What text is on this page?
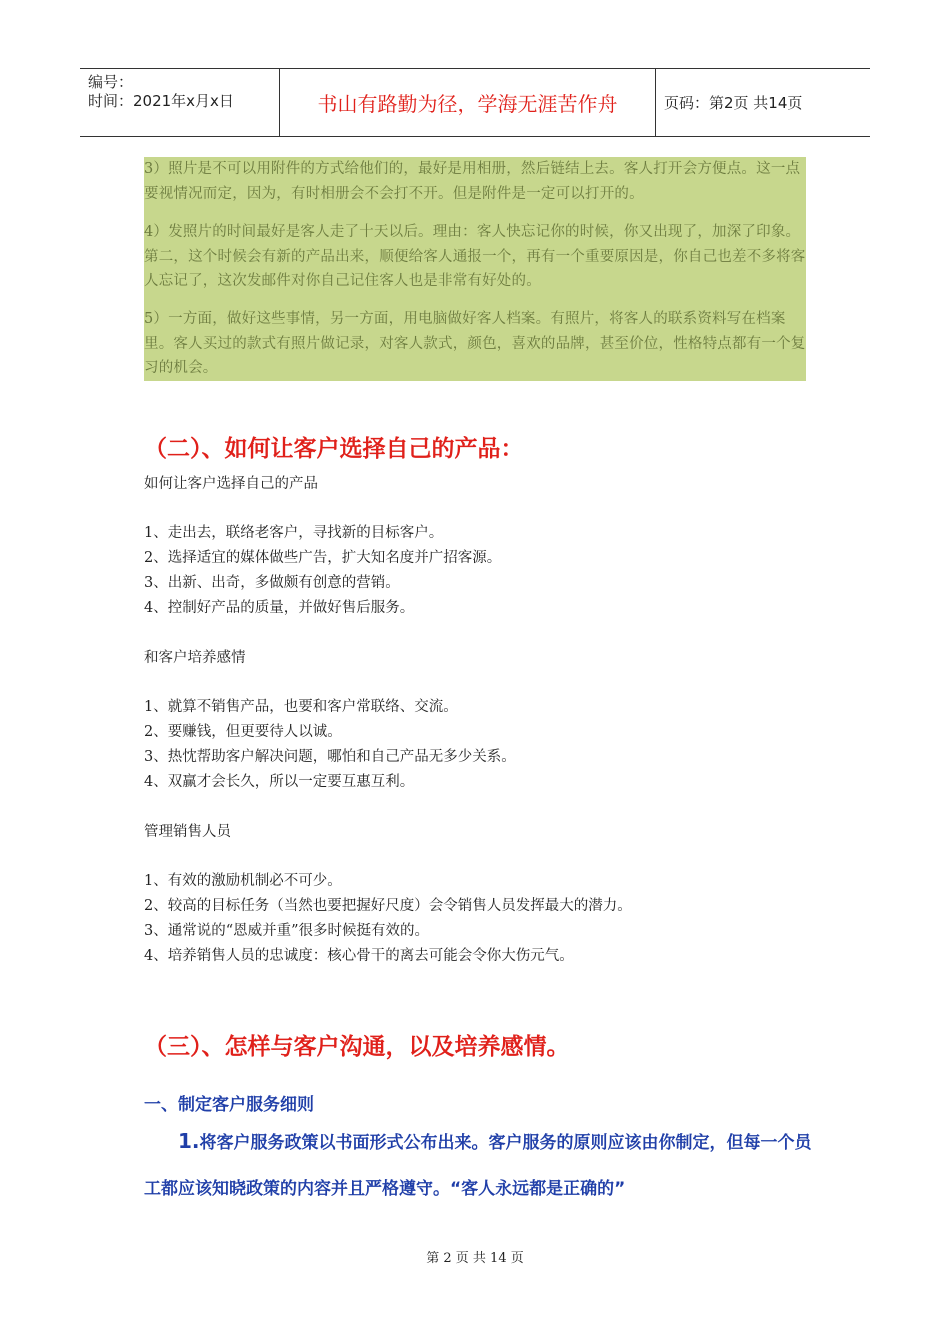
编号：
时间：2021年x月x日	书山有路勤为径，学海无涯苦作舟	页码：第2页 共14页
3）照片是不可以用附件的方式给他们的，最好是用相册，然后链结上去。客人打开会方便点。这一点要视情况而定，因为，有时相册会不会打不开。但是附件是一定可以打开的。
4）发照片的时间最好是客人走了十天以后。理由：客人快忘记你的时候，你又出现了，加深了印象。第二，这个时候会有新的产品出来，顺便给客人通报一个，再有一个重要原因是，你自己也差不多将客人忘记了，这次发邮件对你自己记住客人也是非常有好处的。
5）一方面，做好这些事情，另一方面，用电脑做好客人档案。有照片，将客人的联系资料写在档案里。客人买过的款式有照片做记录，对客人款式，颜色，喜欢的品牌，甚至价位，性格特点都有一个复习的机会。
（二）、如何让客户选择自己的产品：
如何让客户选择自己的产品
1、走出去，联络老客户，寻找新的目标客户。
2、选择适宜的媒体做些广告，扩大知名度并广招客源。
3、出新、出奇，多做颇有创意的营销。
4、控制好产品的质量，并做好售后服务。
和客户培养感情
1、就算不销售产品，也要和客户常联络、交流。
2、要赚钱，但更要待人以诚。
3、热忱帮助客户解决问题，哪怕和自己产品无多少关系。
4、双赢才会长久，所以一定要互惠互利。
管理销售人员
1、有效的激励机制必不可少。
2、较高的目标任务（当然也要把握好尺度）会令销售人员发挥最大的潜力。
3、通常说的“恩威并重”很多时候挺有效的。
4、培养销售人员的忠诚度：核心骨干的离去可能会令你大伤元气。
（三）、怎样与客户沟通，以及培养感情。
一、制定客户服务细则
1.将客户服务政策以书面形式公布出来。客户服务的原则应该由你制定，但每一个员工都应该知晓政策的内容并且严格遵守。“客人永远都是正确的”
第 2 页 共 14 页
